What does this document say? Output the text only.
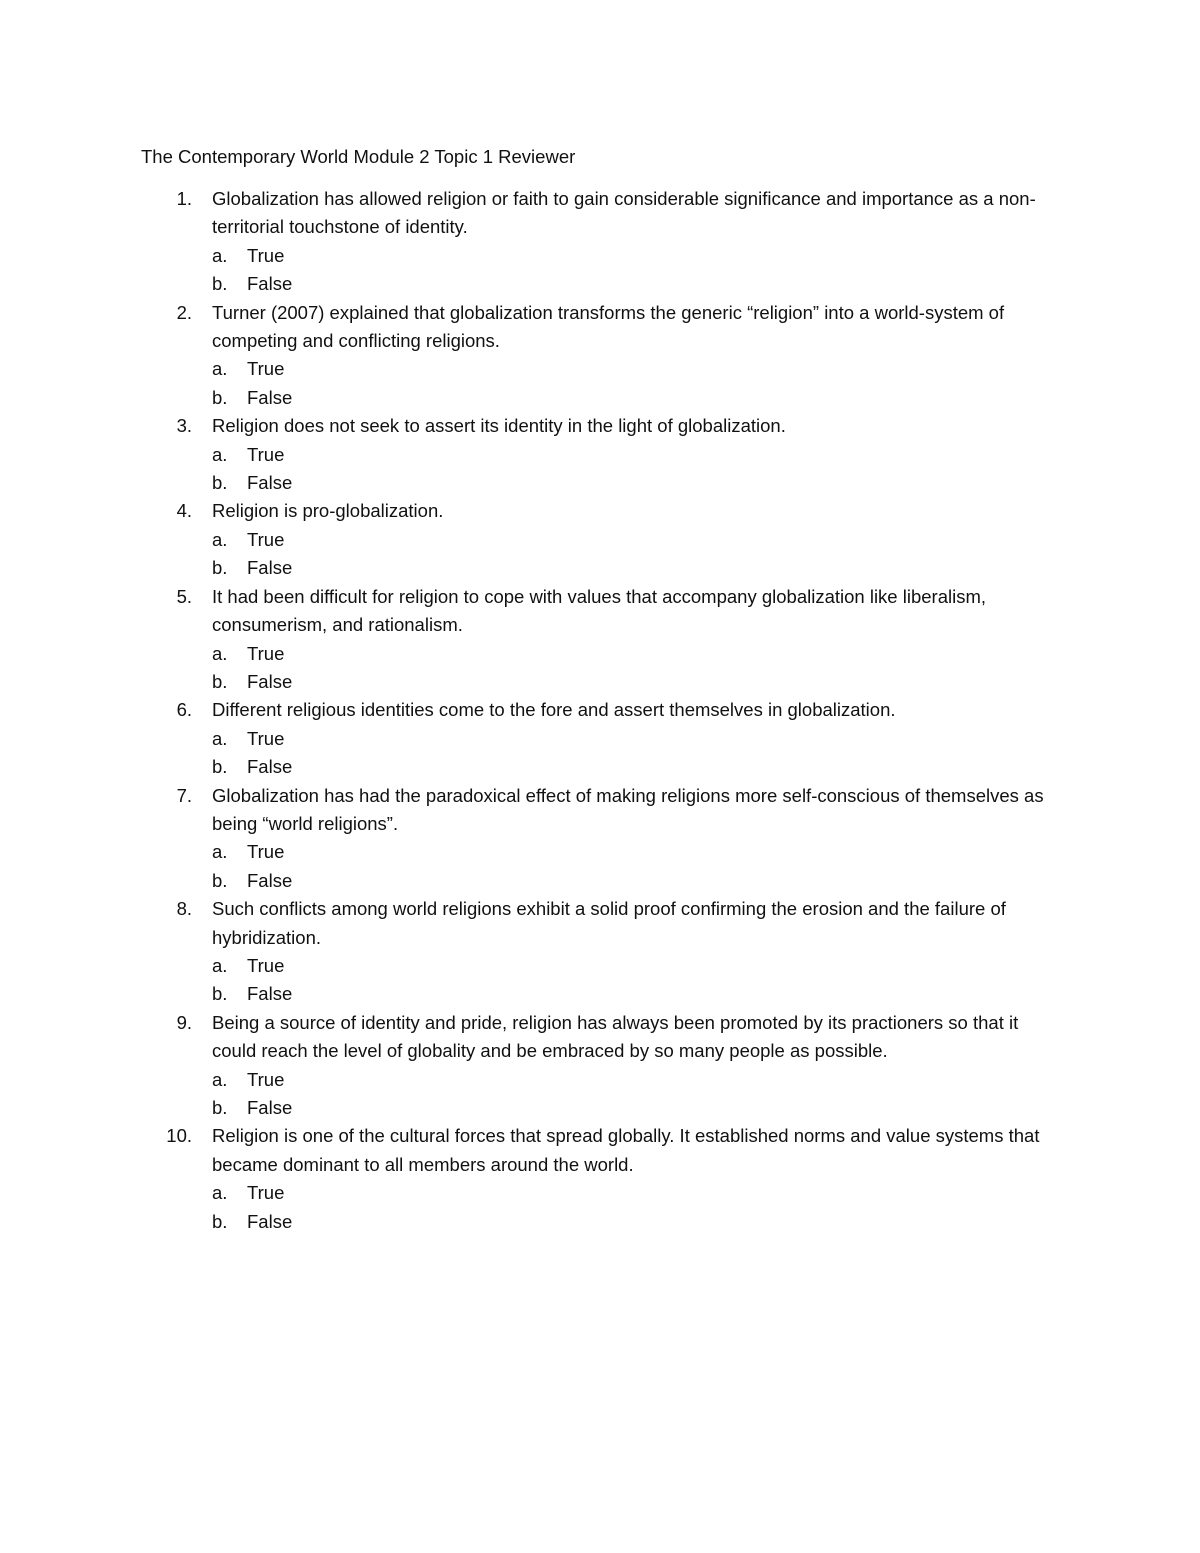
The Contemporary World Module 2 Topic 1 Reviewer
1. Globalization has allowed religion or faith to gain considerable significance and importance as a non-territorial touchstone of identity.
a. True
b. False
2. Turner (2007) explained that globalization transforms the generic “religion” into a world-system of competing and conflicting religions.
a. True
b. False
3. Religion does not seek to assert its identity in the light of globalization.
a. True
b. False
4. Religion is pro-globalization.
a. True
b. False
5. It had been difficult for religion to cope with values that accompany globalization like liberalism, consumerism, and rationalism.
a. True
b. False
6. Different religious identities come to the fore and assert themselves in globalization.
a. True
b. False
7. Globalization has had the paradoxical effect of making religions more self-conscious of themselves as being “world religions”.
a. True
b. False
8. Such conflicts among world religions exhibit a solid proof confirming the erosion and the failure of hybridization.
a. True
b. False
9. Being a source of identity and pride, religion has always been promoted by its practioners so that it could reach the level of globality and be embraced by so many people as possible.
a. True
b. False
10. Religion is one of the cultural forces that spread globally. It established norms and value systems that became dominant to all members around the world.
a. True
b. False
